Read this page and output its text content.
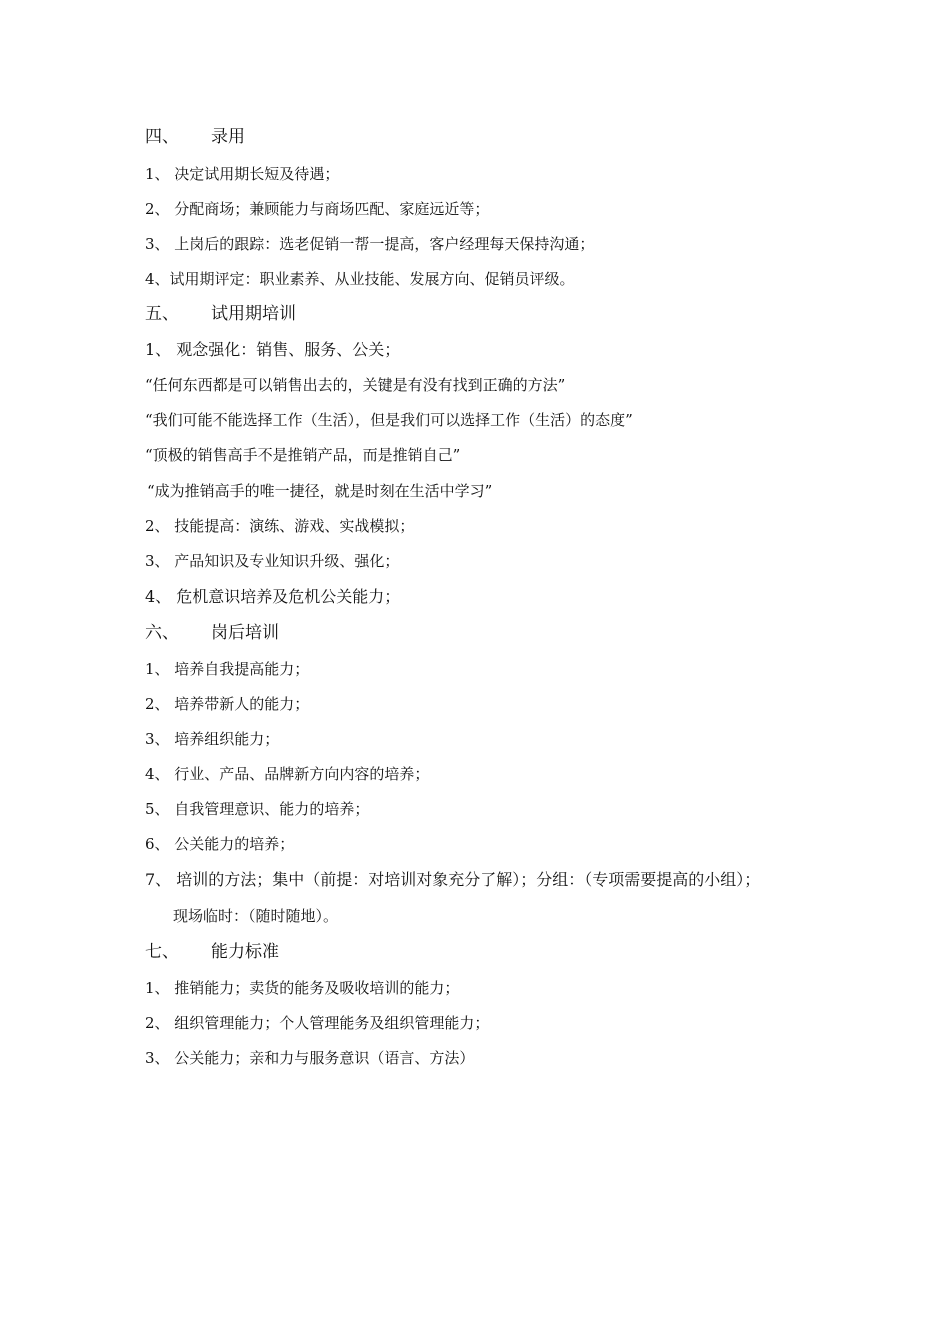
四、 录用
1、 决定试用期长短及待遇；
2、 分配商场；兼顾能力与商场匹配、家庭远近等；
3、 上岗后的跟踪：选老促销一帮一提高，客户经理每天保持沟通；
4、试用期评定：职业素养、从业技能、发展方向、促销员评级。
五、 试用期培训
1、 观念强化：销售、服务、公关；
“任何东西都是可以销售出去的，关键是有没有找到正确的方法”
“我们可能不能选择工作（生活），但是我们可以选择工作（生活）的态度”
“顶极的销售高手不是推销产品，而是推销自己”
“成为推销高手的唯一捷径，就是时刻在生活中学习”
2、 技能提高：演练、游戏、实战模拟；
3、 产品知识及专业知识升级、强化；
4、 危机意识培养及危机公关能力；
六、 岗后培训
1、 培养自我提高能力；
2、 培养带新人的能力；
3、 培养组织能力；
4、 行业、产品、品牌新方向内容的培养；
5、 自我管理意识、能力的培养；
6、 公关能力的培养；
7、 培训的方法；集中（前提：对培训对象充分了解）；分组：（专项需要提高的小组）；
现场临时：（随时随地）。
七、 能力标准
1、 推销能力；卖货的能务及吸收培训的能力；
2、 组织管理能力；个人管理能务及组织管理能力；
3、 公关能力；亲和力与服务意识（语言、方法）
